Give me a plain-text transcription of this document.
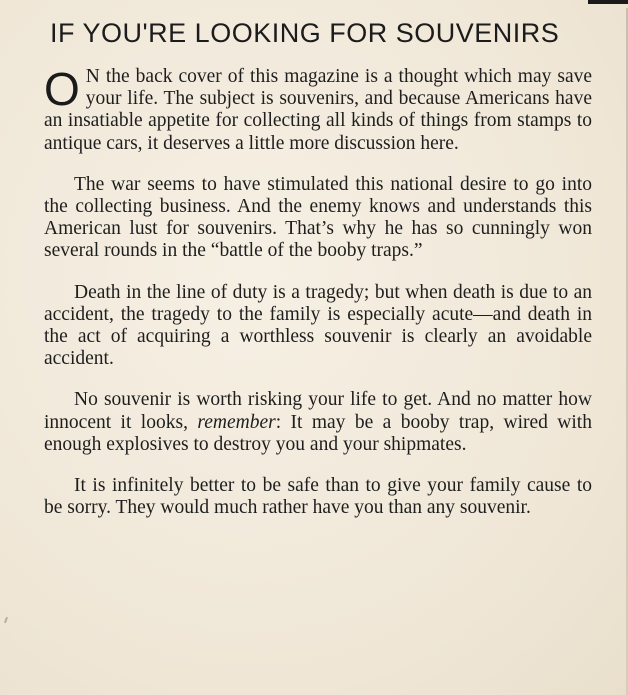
IF YOU'RE LOOKING FOR SOUVENIRS

O N the back cover of this magazine is a thought which may save your life. The subject is souvenirs, and because Americans have an insatiable appetite for collecting all kinds of things from stamps to antique cars, it deserves a little more discussion here.

The war seems to have stimulated this national desire to go into the collecting business. And the enemy knows and understands this American lust for souvenirs. That’s why he has so cunningly won several rounds in the “battle of the booby traps.”

Death in the line of duty is a tragedy; but when death is due to an accident, the tragedy to the family is especially acute—and death in the act of acquiring a worthless souvenir is clearly an avoidable accident.

No souvenir is worth risking your life to get. And no matter how innocent it looks, remember: It may be a booby trap, wired with enough explosives to destroy you and your shipmates.

It is infinitely better to be safe than to give your family cause to be sorry. They would much rather have you than any souvenir.
